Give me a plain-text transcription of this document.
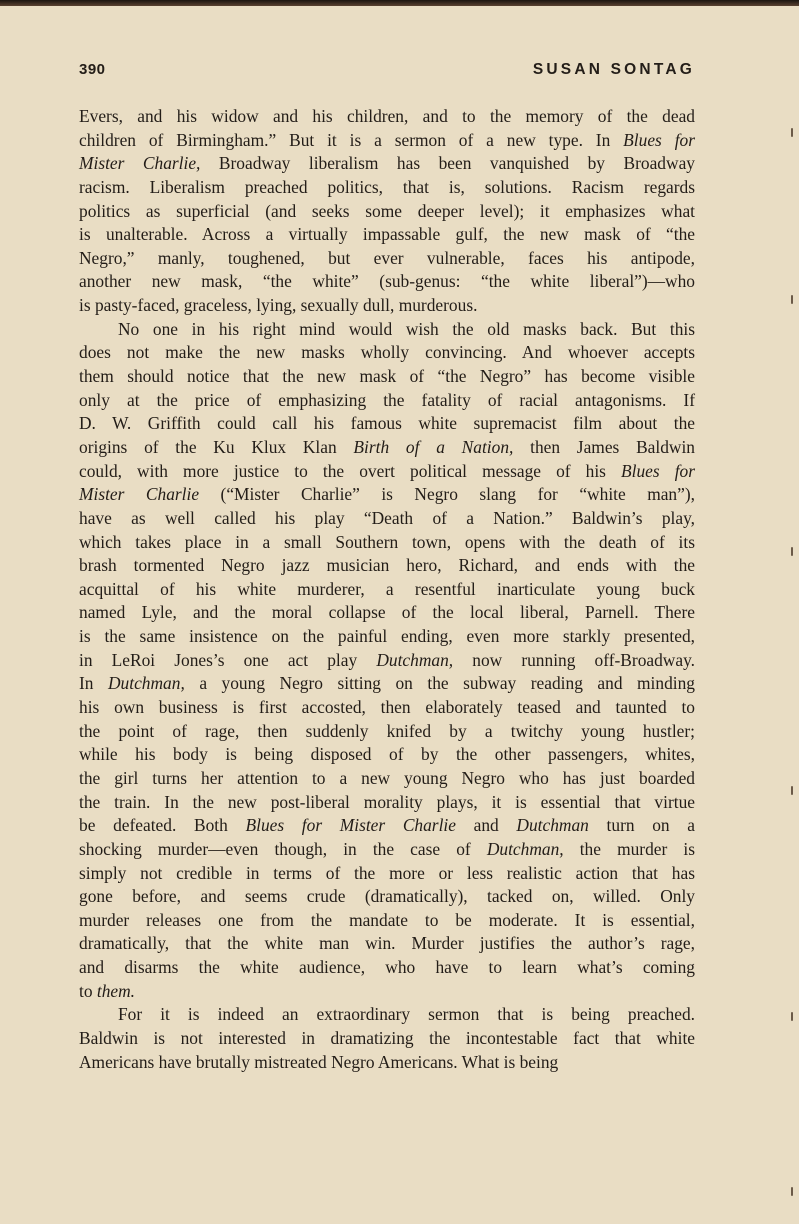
390	SUSAN SONTAG
Evers, and his widow and his children, and to the memory of the dead
children of Birmingham.” But it is a sermon of a new type. In Blues for
Mister Charlie, Broadway liberalism has been vanquished by Broadway
racism. Liberalism preached politics, that is, solutions. Racism regards
politics as superficial (and seeks some deeper level); it emphasizes what
is unalterable. Across a virtually impassable gulf, the new mask of “the
Negro,” manly, toughened, but ever vulnerable, faces his antipode,
another new mask, “the white” (sub-genus: “the white liberal”)—who
is pasty-faced, graceless, lying, sexually dull, murderous.
No one in his right mind would wish the old masks back. But this
does not make the new masks wholly convincing. And whoever accepts
them should notice that the new mask of “the Negro” has become visible
only at the price of emphasizing the fatality of racial antagonisms. If
D. W. Griffith could call his famous white supremacist film about the
origins of the Ku Klux Klan Birth of a Nation, then James Baldwin
could, with more justice to the overt political message of his Blues for
Mister Charlie (“Mister Charlie” is Negro slang for “white man”),
have as well called his play “Death of a Nation.” Baldwin’s play,
which takes place in a small Southern town, opens with the death of its
brash tormented Negro jazz musician hero, Richard, and ends with the
acquittal of his white murderer, a resentful inarticulate young buck
named Lyle, and the moral collapse of the local liberal, Parnell. There
is the same insistence on the painful ending, even more starkly presented,
in LeRoi Jones’s one act play Dutchman, now running off-Broadway.
In Dutchman, a young Negro sitting on the subway reading and minding
his own business is first accosted, then elaborately teased and taunted to
the point of rage, then suddenly knifed by a twitchy young hustler;
while his body is being disposed of by the other passengers, whites,
the girl turns her attention to a new young Negro who has just boarded
the train. In the new post-liberal morality plays, it is essential that virtue
be defeated. Both Blues for Mister Charlie and Dutchman turn on a
shocking murder—even though, in the case of Dutchman, the murder is
simply not credible in terms of the more or less realistic action that has
gone before, and seems crude (dramatically), tacked on, willed. Only
murder releases one from the mandate to be moderate. It is essential,
dramatically, that the white man win. Murder justifies the author’s rage,
and disarms the white audience, who have to learn what’s coming
to them.
For it is indeed an extraordinary sermon that is being preached.
Baldwin is not interested in dramatizing the incontestable fact that white
Americans have brutally mistreated Negro Americans. What is being
